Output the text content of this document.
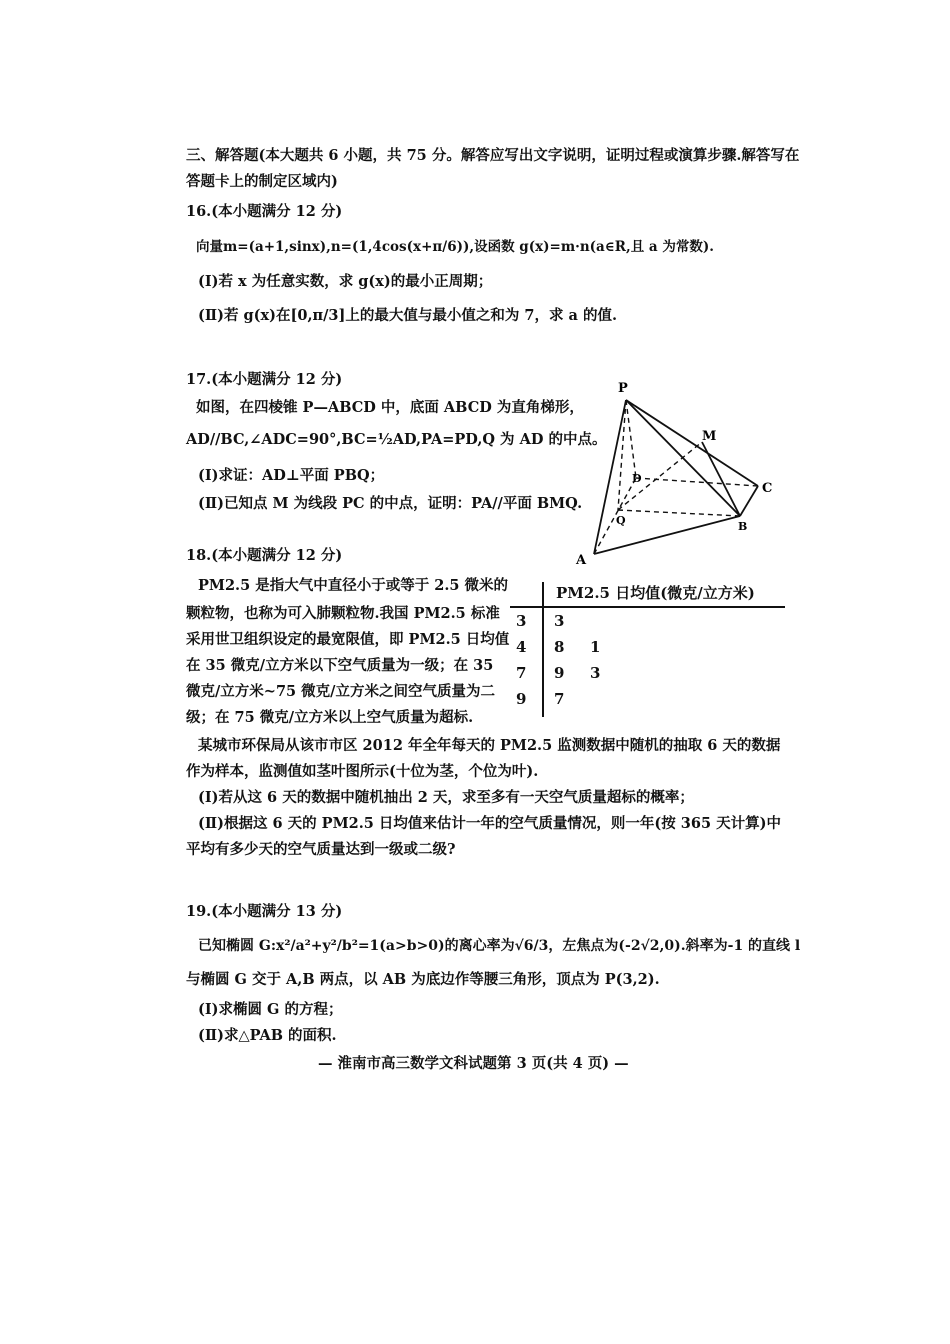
三、解答题(本大题共 6 小题，共 75 分。解答应写出文字说明，证明过程或演算步骤.解答写在

答题卡上的制定区域内)

16.(本小题满分 12 分)

向量m=(a+1,sinx),n=(1,4cos(x+π/6)),设函数 g(x)=m·n(a∈R,且 a 为常数).

(Ⅰ)若 x 为任意实数，求 g(x)的最小正周期；

(Ⅱ)若 g(x)在[0,π/3]上的最大值与最小值之和为 7，求 a 的值.

17.(本小题满分 12 分)

如图，在四棱锥 P—ABCD 中，底面 ABCD 为直角梯形，

AD//BC,∠ADC=90°,BC=½AD,PA=PD,Q 为 AD 的中点。

(Ⅰ)求证：AD⊥平面 PBQ；

(Ⅱ)已知点 M 为线段 PC 的中点，证明：PA//平面 BMQ.

P
M
D
C
Q	B
A

18.(本小题满分 12 分)

PM2.5 是指大气中直径小于或等于 2.5 微米的

颗粒物，也称为可入肺颗粒物.我国 PM2.5 标准

采用世卫组织设定的最宽限值，即 PM2.5 日均值

在 35 微克/立方米以下空气质量为一级；在 35

微克/立方米~75 微克/立方米之间空气质量为二

级；在 75 微克/立方米以上空气质量为超标.

PM2.5 日均值(微克/立方米)
3 3
4 8 1
7 9 3
9 7

某城市环保局从该市市区 2012 年全年每天的 PM2.5 监测数据中随机的抽取 6 天的数据

作为样本，监测值如茎叶图所示(十位为茎，个位为叶).

(Ⅰ)若从这 6 天的数据中随机抽出 2 天，求至多有一天空气质量超标的概率；

(Ⅱ)根据这 6 天的 PM2.5 日均值来估计一年的空气质量情况，则一年(按 365 天计算)中

平均有多少天的空气质量达到一级或二级?

19.(本小题满分 13 分)

已知椭圆 G:x²/a²+y²/b²=1(a>b>0)的离心率为√6/3，左焦点为(-2√2,0).斜率为-1 的直线 l

与椭圆 G 交于 A,B 两点，以 AB 为底边作等腰三角形，顶点为 P(3,2).

(Ⅰ)求椭圆 G 的方程；

(Ⅱ)求△PAB 的面积.

— 淮南市高三数学文科试题第 3 页(共 4 页) —
